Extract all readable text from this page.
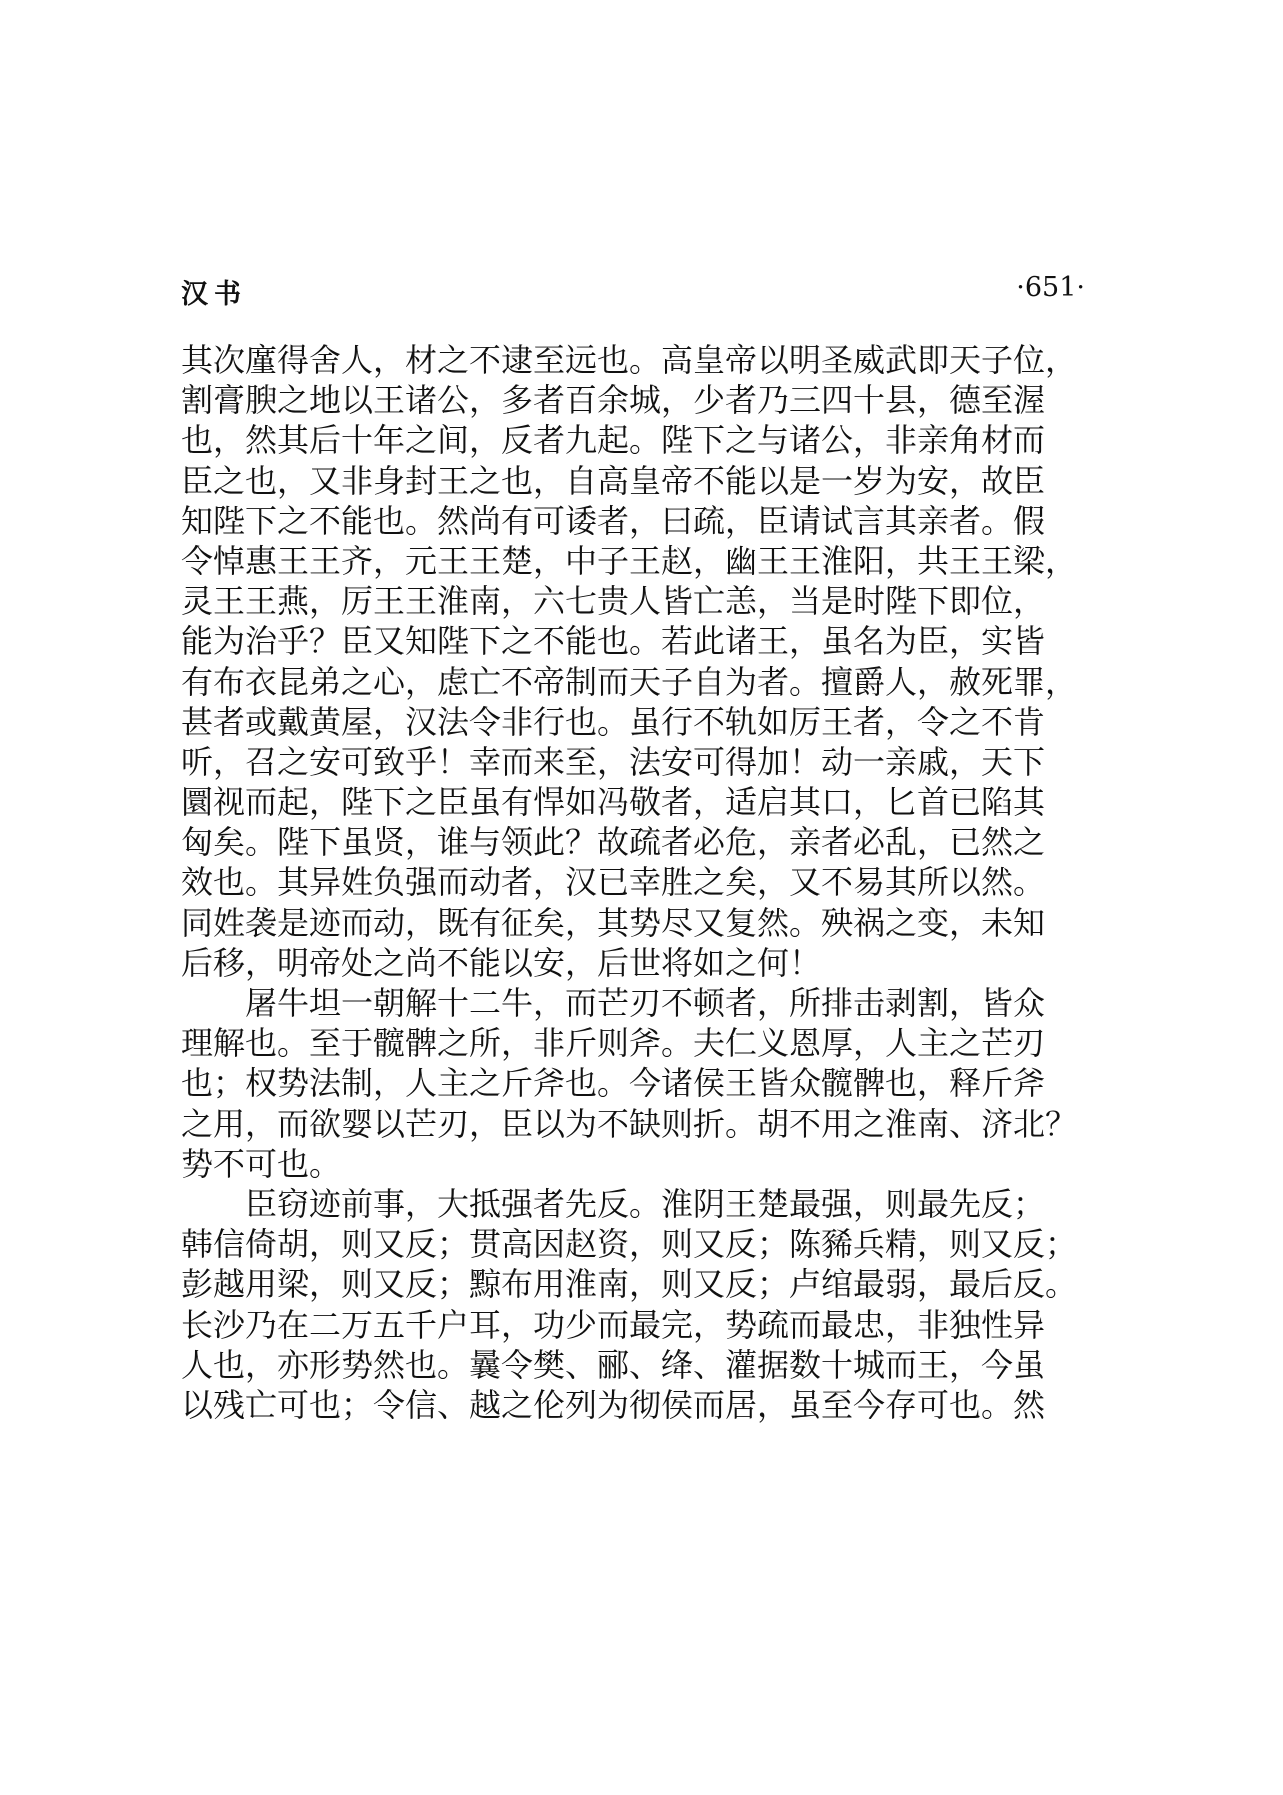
汉书	·651·
其次廑得舍人，材之不逮至远也。高皇帝以明圣威武即天子位，
割膏腴之地以王诸公，多者百余城，少者乃三四十县，德至渥
也，然其后十年之间，反者九起。陛下之与诸公，非亲角材而
臣之也，又非身封王之也，自高皇帝不能以是一岁为安，故臣
知陛下之不能也。然尚有可诿者，曰疏，臣请试言其亲者。假
令悼惠王王齐，元王王楚，中子王赵，幽王王淮阳，共王王梁，
灵王王燕，厉王王淮南，六七贵人皆亡恙，当是时陛下即位，
能为治乎？臣又知陛下之不能也。若此诸王，虽名为臣，实皆
有布衣昆弟之心，虑亡不帝制而天子自为者。擅爵人，赦死罪，
甚者或戴黄屋，汉法令非行也。虽行不轨如厉王者，令之不肯
听，召之安可致乎！幸而来至，法安可得加！动一亲戚，天下
圜视而起，陛下之臣虽有悍如冯敬者，适启其口，匕首已陷其
匈矣。陛下虽贤，谁与领此？故疏者必危，亲者必乱，已然之
效也。其异姓负强而动者，汉已幸胜之矣，又不易其所以然。
同姓袭是迹而动，既有征矣，其势尽又复然。殃祸之变，未知
后移，明帝处之尚不能以安，后世将如之何！
屠牛坦一朝解十二牛，而芒刃不顿者，所排击剥割，皆众
理解也。至于髋髀之所，非斤则斧。夫仁义恩厚，人主之芒刃
也；权势法制，人主之斤斧也。今诸侯王皆众髋髀也，释斤斧
之用，而欲婴以芒刃，臣以为不缺则折。胡不用之淮南、济北？
势不可也。
臣窃迹前事，大抵强者先反。淮阴王楚最强，则最先反；
韩信倚胡，则又反；贯高因赵资，则又反；陈豨兵精，则又反；
彭越用梁，则又反；黥布用淮南，则又反；卢绾最弱，最后反。
长沙乃在二万五千户耳，功少而最完，势疏而最忠，非独性异
人也，亦形势然也。曩令樊、郦、绛、灌据数十城而王，今虽
以残亡可也；令信、越之伦列为彻侯而居，虽至今存可也。然
